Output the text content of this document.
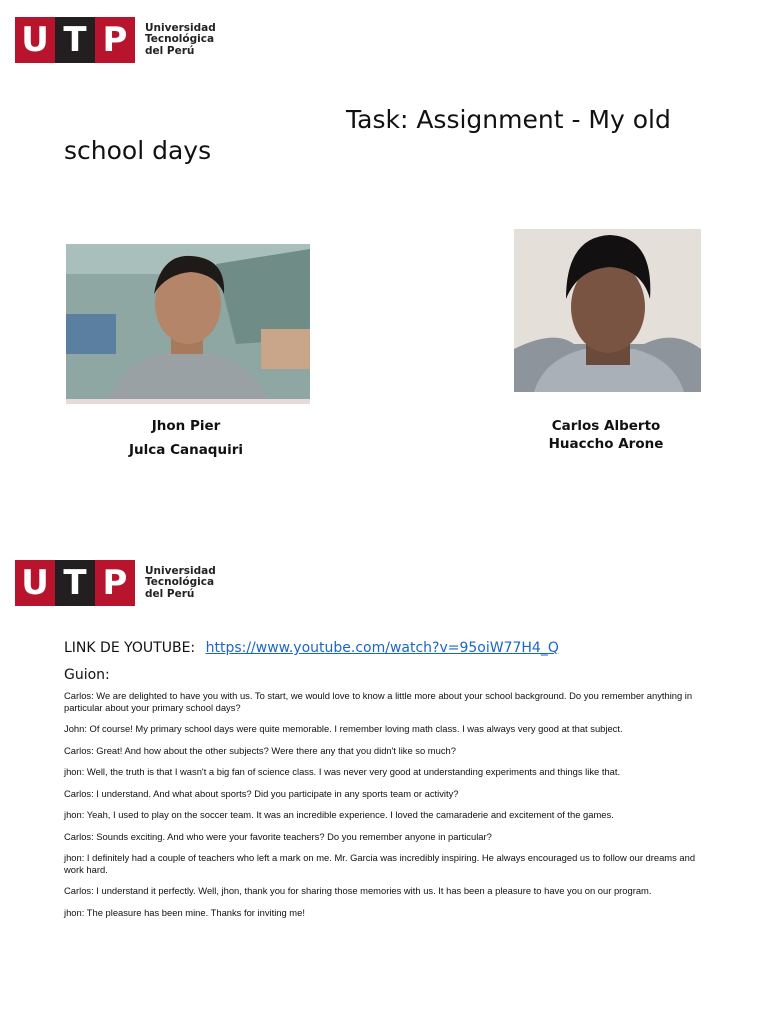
U T P	Universidad
Tecnológica
del Perú
Task: Assignment - My old school days
Jhon Pier
Julca Canaquiri
Carlos Alberto
Huaccho Arone
U T P	Universidad
Tecnológica
del Perú
LINK DE YOUTUBE: https://www.youtube.com/watch?v=95oiW77H4_Q
Guion:

Carlos: We are delighted to have you with us. To start, we would love to know a little more about your school background. Do you remember anything in particular about your primary school days?

John: Of course! My primary school days were quite memorable. I remember loving math class. I was always very good at that subject.

Carlos: Great! And how about the other subjects? Were there any that you didn't like so much?

jhon: Well, the truth is that I wasn't a big fan of science class. I was never very good at understanding experiments and things like that.

Carlos: I understand. And what about sports? Did you participate in any sports team or activity?

jhon: Yeah, I used to play on the soccer team. It was an incredible experience. I loved the camaraderie and excitement of the games.

Carlos: Sounds exciting. And who were your favorite teachers? Do you remember anyone in particular?

jhon: I definitely had a couple of teachers who left a mark on me. Mr. Garcia was incredibly inspiring. He always encouraged us to follow our dreams and work hard.

Carlos: I understand it perfectly. Well, jhon, thank you for sharing those memories with us. It has been a pleasure to have you on our program.

jhon: The pleasure has been mine. Thanks for inviting me!
